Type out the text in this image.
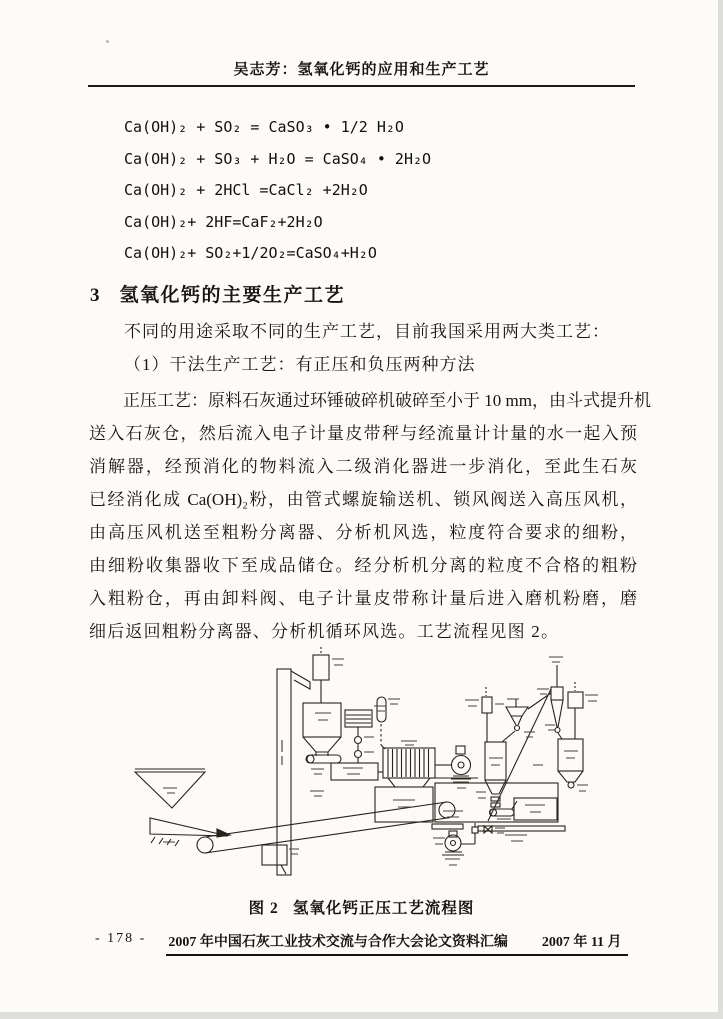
吴志芳：氢氧化钙的应用和生产工艺
Ca(OH)₂ + SO₂ = CaSO₃ • 1/2 H₂O
Ca(OH)₂ + SO₃ + H₂O = CaSO₄ • 2H₂O
Ca(OH)₂ + 2HCl =CaCl₂ +2H₂O
Ca(OH)₂+ 2HF=CaF₂+2H₂O
Ca(OH)₂+ SO₂+1/2O₂=CaSO₄+H₂O
3 氢氧化钙的主要生产工艺
不同的用途采取不同的生产工艺，目前我国采用两大类工艺：
（1）干法生产工艺：有正压和负压两种方法
正压工艺：原料石灰通过环锤破碎机破碎至小于 10 mm，由斗式提升机
送入石灰仓，然后流入电子计量皮带秤与经流量计计量的水一起入预
消解器，经预消化的物料流入二级消化器进一步消化，至此生石灰
已经消化成 Ca(OH)₂粉，由管式螺旋输送机、锁风阀送入高压风机，
由高压风机送至粗粉分离器、分析机风选，粒度符合要求的细粉，
由细粉收集器收下至成品储仓。经分析机分离的粒度不合格的粗粉
入粗粉仓，再由卸料阀、电子计量皮带称计量后进入磨机粉磨，磨
细后返回粗粉分离器、分析机循环风选。工艺流程见图 2。
图 2 氢氧化钙正压工艺流程图
- 178 - 2007 年中国石灰工业技术交流与合作大会论文资料汇编 2007 年 11 月
